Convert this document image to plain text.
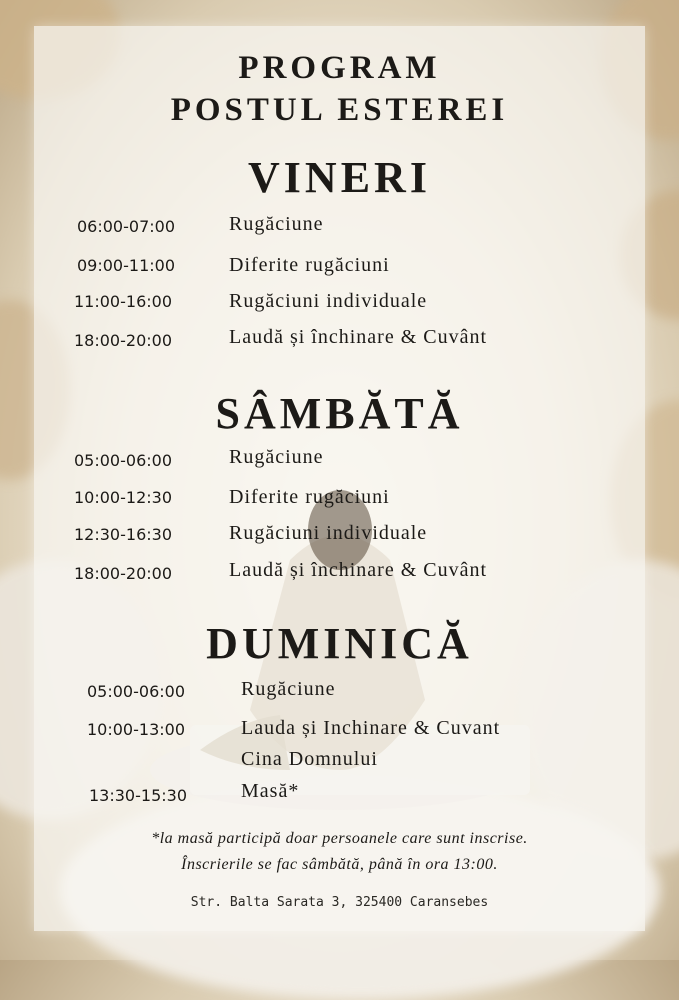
PROGRAM
POSTUL ESTEREI
VINERI
06:00-07:00	Rugăciune
09:00-11:00	Diferite rugăciuni
11:00-16:00	Rugăciuni individuale
18:00-20:00	Laudă și închinare & Cuvânt
SÂMBĂTĂ
05:00-06:00	Rugăciune
10:00-12:30	Diferite rugăciuni
12:30-16:30	Rugăciuni individuale
18:00-20:00	Laudă și închinare & Cuvânt
DUMINICĂ
05:00-06:00	Rugăciune
10:00-13:00	Lauda și Inchinare & Cuvant
Cina Domnului
13:30-15:30	Masă*
*la masă participă doar persoanele care sunt inscrise.
Înscrierile se fac sâmbătă, până în ora 13:00.
Str. Balta Sarata 3, 325400 Caransebes
